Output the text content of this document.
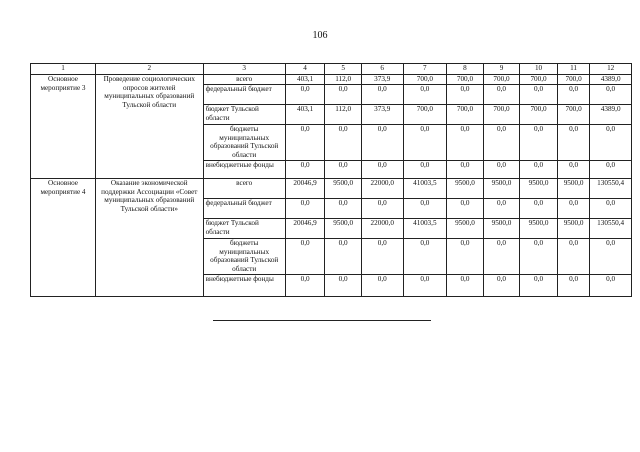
106
1	2	3	4	5	6	7	8	9	10	11	12
Основное мероприятие 3	Проведение социологических опросов жителей муниципальных образований Тульской области	всего	403,1	112,0	373,9	700,0	700,0	700,0	700,0	700,0	4389,0
		федеральный бюджет	0,0	0,0	0,0	0,0	0,0	0,0	0,0	0,0	0,0
		бюджет Тульской области	403,1	112,0	373,9	700,0	700,0	700,0	700,0	700,0	4389,0
		бюджеты муниципальных образований Тульской области	0,0	0,0	0,0	0,0	0,0	0,0	0,0	0,0	0,0
		внебюджетные фонды	0,0	0,0	0,0	0,0	0,0	0,0	0,0	0,0	0,0
Основное мероприятие 4	Оказание экономической поддержки Ассоциации «Совет муниципальных образований Тульской области»	всего	20046,9	9500,0	22000,0	41003,5	9500,0	9500,0	9500,0	9500,0	130550,4
		федеральный бюджет	0,0	0,0	0,0	0,0	0,0	0,0	0,0	0,0	0,0
		бюджет Тульской области	20046,9	9500,0	22000,0	41003,5	9500,0	9500,0	9500,0	9500,0	130550,4
		бюджеты муниципальных образований Тульской области	0,0	0,0	0,0	0,0	0,0	0,0	0,0	0,0	0,0
		внебюджетные фонды	0,0	0,0	0,0	0,0	0,0	0,0	0,0	0,0	0,0
